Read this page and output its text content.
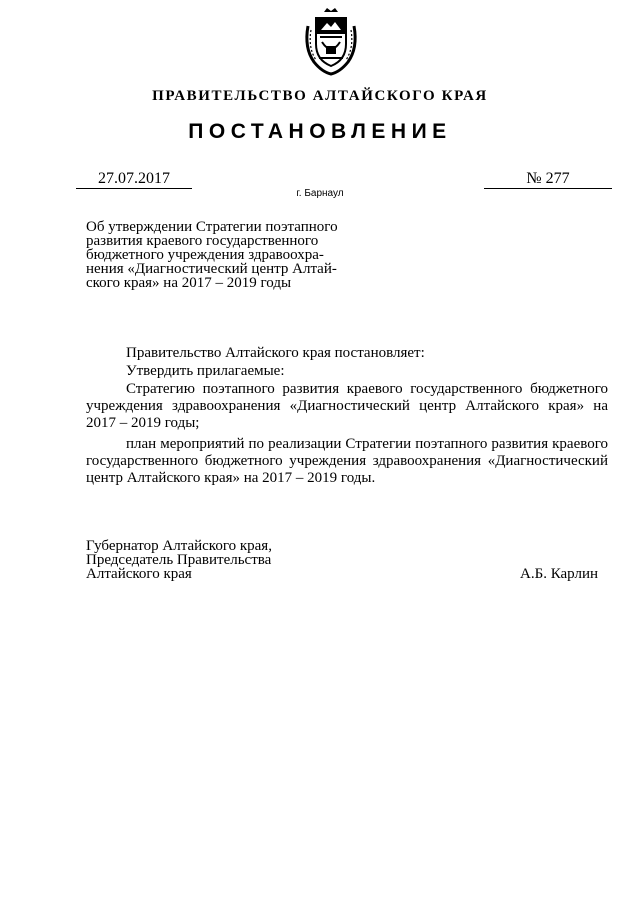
ПРАВИТЕЛЬСТВО АЛТАЙСКОГО КРАЯ
ПОСТАНОВЛЕНИЕ
27.07.2017	№ 277
г. Барнаул
Об утверждении Стратегии поэтапного
развития краевого государственного
бюджетного учреждения здравоохра-
нения «Диагностический центр Алтай-
ского края» на 2017 – 2019 годы
Правительство Алтайского края постановляет:
Утвердить прилагаемые:
Стратегию поэтапного развития краевого государственного бюджетного учреждения здравоохранения «Диагностический центр Алтайского края» на 2017 – 2019 годы;
план мероприятий по реализации Стратегии поэтапного развития краевого государственного бюджетного учреждения здравоохранения «Диагностический центр Алтайского края» на 2017 – 2019 годы.
Губернатор Алтайского края,
Председатель Правительства
Алтайского края	А.Б. Карлин
